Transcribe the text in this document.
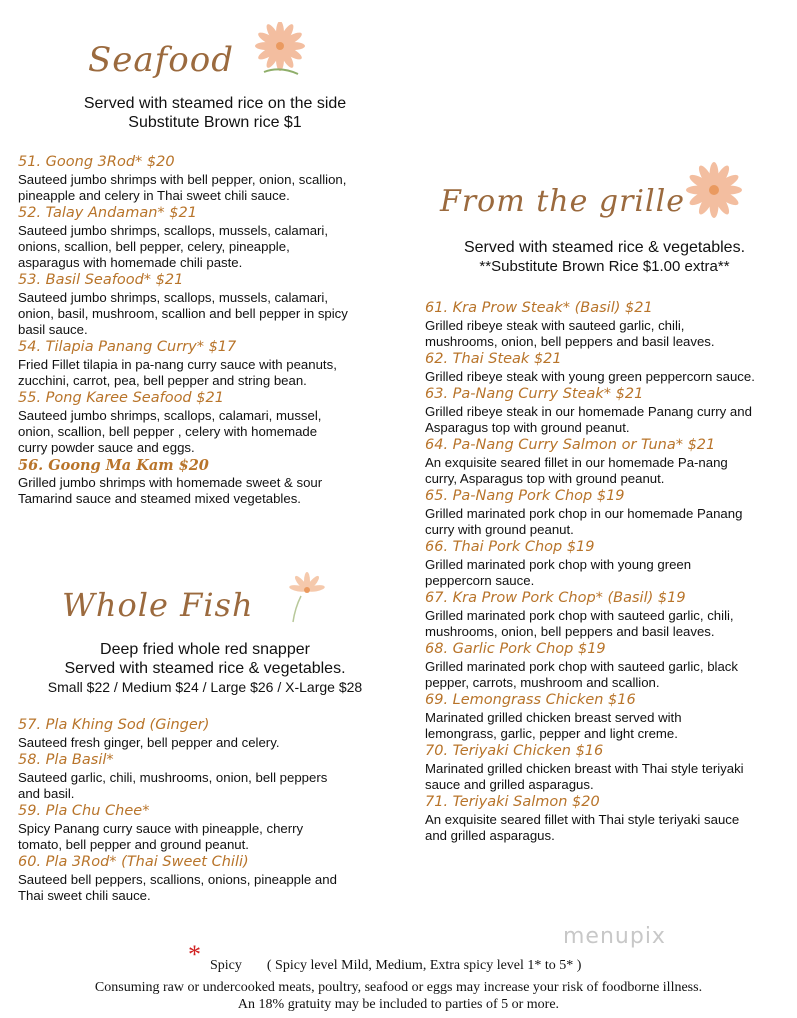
Seafood
Served with steamed rice on the side
Substitute Brown rice $1
51. Goong 3Rod* $20
Sauteed jumbo shrimps with bell pepper, onion, scallion,
pineapple and celery in Thai sweet chili sauce.
52. Talay Andaman* $21
Sauteed jumbo shrimps, scallops, mussels, calamari,
onions, scallion, bell pepper, celery, pineapple,
asparagus with homemade chili paste.
53. Basil Seafood* $21
Sauteed jumbo shrimps, scallops, mussels, calamari,
onion, basil, mushroom, scallion and bell pepper in spicy
basil sauce.
54. Tilapia Panang Curry* $17
Fried Fillet tilapia in pa-nang curry sauce with peanuts,
zucchini, carrot, pea, bell pepper and string bean.
55. Pong Karee Seafood $21
Sauteed jumbo shrimps, scallops, calamari, mussel,
onion, scallion, bell pepper , celery with homemade
curry powder sauce and eggs.
56. Goong Ma Kam $20
Grilled jumbo shrimps with homemade sweet & sour
Tamarind sauce and steamed mixed vegetables.
Whole Fish
Deep fried whole red snapper
Served with steamed rice & vegetables.
Small $22 / Medium $24 / Large $26 / X-Large $28
57. Pla Khing Sod (Ginger)
Sauteed fresh ginger, bell pepper and celery.
58. Pla Basil*
Sauteed garlic, chili, mushrooms, onion, bell peppers
and basil.
59. Pla Chu Chee*
Spicy Panang curry sauce with pineapple, cherry
tomato, bell pepper and ground peanut.
60. Pla 3Rod* (Thai Sweet Chili)
Sauteed bell peppers, scallions, onions, pineapple and
Thai sweet chili sauce.
From the grille
Served with steamed rice & vegetables.
**Substitute Brown Rice $1.00 extra**
61. Kra Prow Steak* (Basil) $21
Grilled ribeye steak with sauteed garlic, chili,
mushrooms, onion, bell peppers and basil leaves.
62. Thai Steak $21
Grilled ribeye steak with young green peppercorn sauce.
63. Pa-Nang Curry Steak* $21
Grilled ribeye steak in our homemade Panang curry and
Asparagus top with ground peanut.
64. Pa-Nang Curry Salmon or Tuna* $21
An exquisite seared fillet in our homemade Pa-nang
curry, Asparagus top with ground peanut.
65. Pa-Nang Pork Chop $19
Grilled marinated pork chop in our homemade Panang
curry with ground peanut.
66. Thai Pork Chop $19
Grilled marinated pork chop with young green
peppercorn sauce.
67. Kra Prow Pork Chop* (Basil) $19
Grilled marinated pork chop with sauteed garlic, chili,
mushrooms, onion, bell peppers and basil leaves.
68. Garlic Pork Chop $19
Grilled marinated pork chop with sauteed garlic, black
pepper, carrots, mushroom and scallion.
69. Lemongrass Chicken $16
Marinated grilled chicken breast served with
lemongrass, garlic, pepper and light creme.
70. Teriyaki Chicken $16
Marinated grilled chicken breast with Thai style teriyaki
sauce and grilled asparagus.
71. Teriyaki Salmon $20
An exquisite seared fillet with Thai style teriyaki sauce
and grilled asparagus.
menupix
* Spicy ( Spicy level Mild, Medium, Extra spicy level 1* to 5* )
Consuming raw or undercooked meats, poultry, seafood or eggs may increase your risk of foodborne illness.
An 18% gratuity may be included to parties of 5 or more.
